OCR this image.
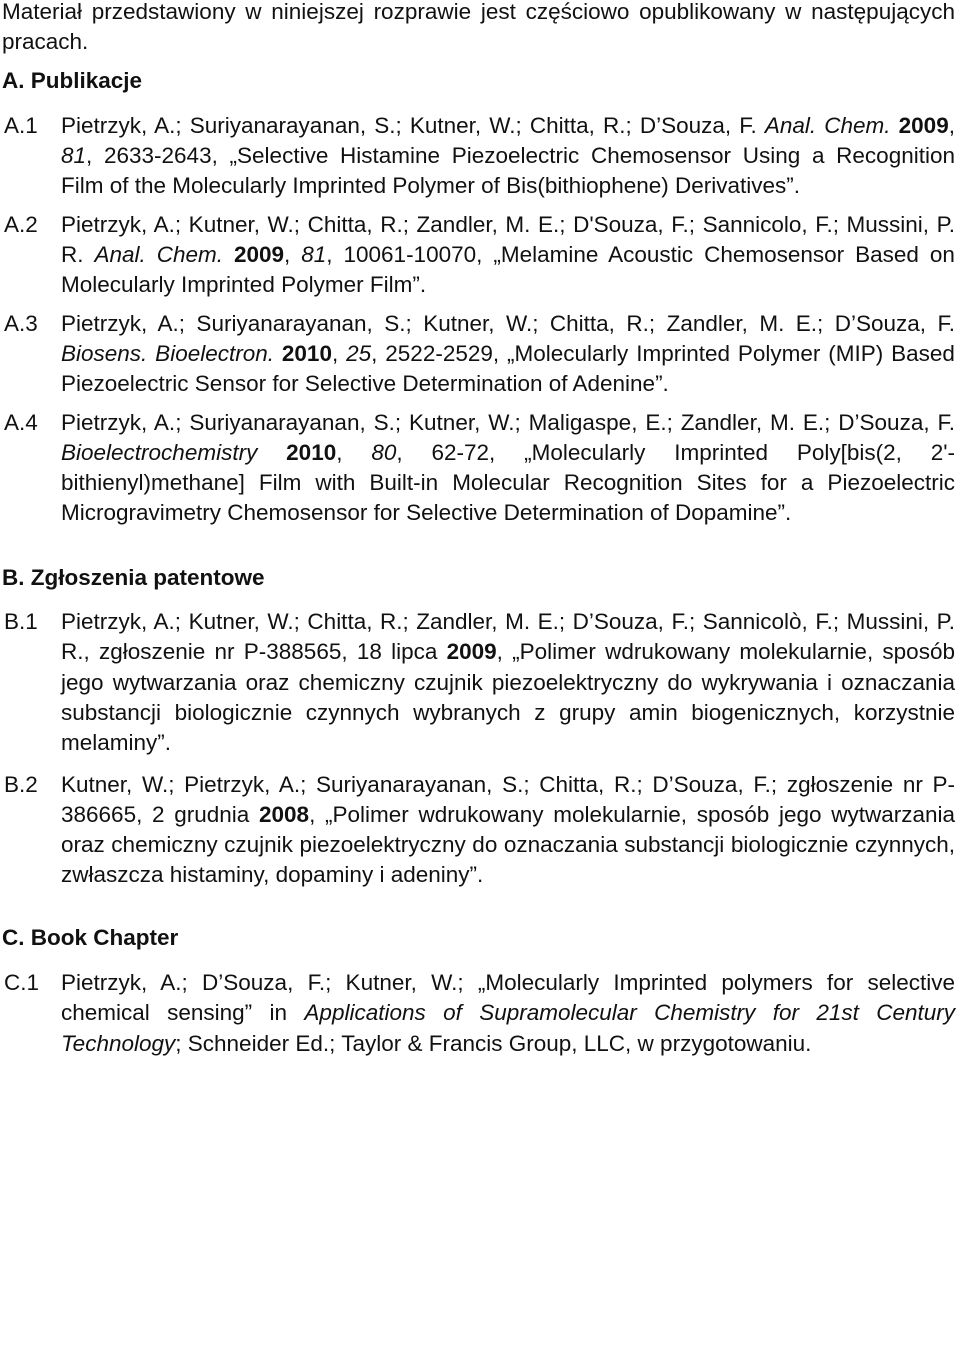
Materiał przedstawiony w niniejszej rozprawie jest częściowo opublikowany w następujących pracach.

A. Publikacje

A.1 Pietrzyk, A.; Suriyanarayanan, S.; Kutner, W.; Chitta, R.; D’Souza, F. Anal. Chem. 2009, 81, 2633-2643, „Selective Histamine Piezoelectric Chemosensor Using a Recognition Film of the Molecularly Imprinted Polymer of Bis(bithiophene) Derivatives”.
A.2 Pietrzyk, A.; Kutner, W.; Chitta, R.; Zandler, M. E.; D'Souza, F.; Sannicolo, F.; Mussini, P. R. Anal. Chem. 2009, 81, 10061-10070, „Melamine Acoustic Chemosensor Based on Molecularly Imprinted Polymer Film”.
A.3 Pietrzyk, A.; Suriyanarayanan, S.; Kutner, W.; Chitta, R.; Zandler, M. E.; D’Souza, F. Biosens. Bioelectron. 2010, 25, 2522-2529, „Molecularly Imprinted Polymer (MIP) Based Piezoelectric Sensor for Selective Determination of Adenine”.
A.4 Pietrzyk, A.; Suriyanarayanan, S.; Kutner, W.; Maligaspe, E.; Zandler, M. E.; D’Souza, F. Bioelectrochemistry 2010, 80, 62-72, „Molecularly Imprinted Poly[bis(2, 2'-bithienyl)methane] Film with Built-in Molecular Recognition Sites for a Piezoelectric Microgravimetry Chemosensor for Selective Determination of Dopamine”.

B. Zgłoszenia patentowe

B.1 Pietrzyk, A.; Kutner, W.; Chitta, R.; Zandler, M. E.; D’Souza, F.; Sannicolò, F.; Mussini, P. R., zgłoszenie nr P-388565, 18 lipca 2009, „Polimer wdrukowany molekularnie, sposób jego wytwarzania oraz chemiczny czujnik piezoelektryczny do wykrywania i oznaczania substancji biologicznie czynnych wybranych z grupy amin biogenicznych, korzystnie melaminy”.
B.2 Kutner, W.; Pietrzyk, A.; Suriyanarayanan, S.; Chitta, R.; D’Souza, F.; zgłoszenie nr P-386665, 2 grudnia 2008, „Polimer wdrukowany molekularnie, sposób jego wytwarzania oraz chemiczny czujnik piezoelektryczny do oznaczania substancji biologicznie czynnych, zwłaszcza histaminy, dopaminy i adeniny”.

C. Book Chapter

C.1 Pietrzyk, A.; D’Souza, F.; Kutner, W.; „Molecularly Imprinted polymers for selective chemical sensing” in Applications of Supramolecular Chemistry for 21st Century Technology; Schneider Ed.; Taylor & Francis Group, LLC, w przygotowaniu.
